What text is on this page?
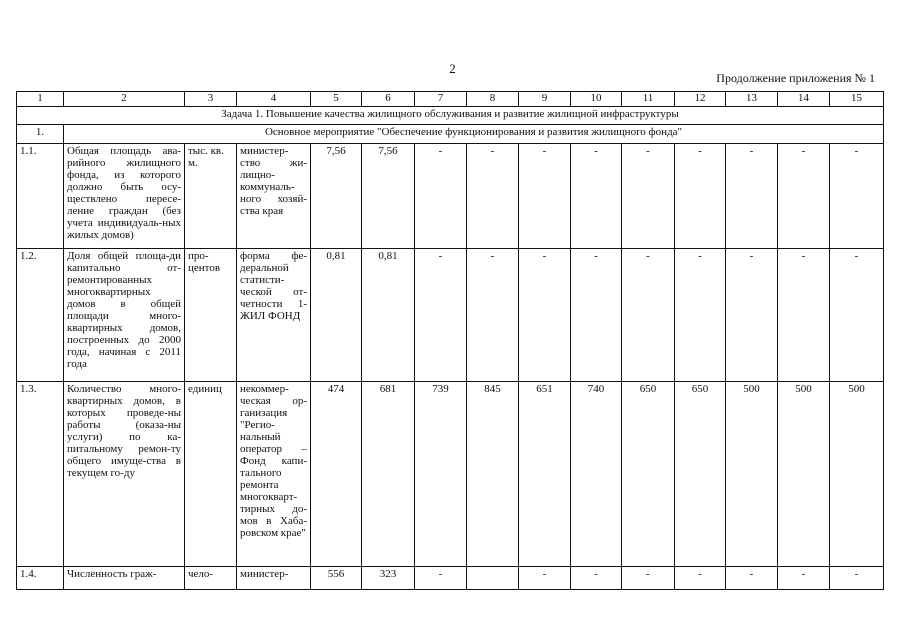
2
Продолжение приложения № 1
1	2	3	4	5	6	7	8	9	10	11	12	13	14	15
Задача 1. Повышение качества жилищного обслуживания и развитие жилищной инфраструктуры														
1.	Основное мероприятие "Обеспечение функционирования и развития жилищного фонда"													
1.1.	Общая площадь ава-рийного жилищного фонда, из которого должно быть осу-ществлено пересе-ление граждан (без учета индивидуаль-ных жилых домов)	тыс. кв. м.	министер-ство жи-лищно-коммуналь-ного хозяй-ства края	7,56	7,56	-	-	-	-	-	-	-	-	-
1.2.	Доля общей площа-ди капитально от-ремонтированных многоквартирных домов в общей площади много-квартирных домов, построенных до 2000 года, начиная с 2011 года	про-центов	форма фе-деральной статисти-ческой от-четности 1-ЖИЛ ФОНД	0,81	0,81	-	-	-	-	-	-	-	-	-
1.3.	Количество много-квартирных домов, в которых проведе-ны работы (оказа-ны услуги) по ка-питальному ремон-ту общего имуще-ства в текущем го-ду	единиц	некоммер-ческая ор-ганизация "Регио-нальный оператор – Фонд капи-тального ремонта многокварт-тирных до-мов в Хаба-ровском крае"	474	681	739	845	651	740	650	650	500	500	500
1.4.	Численность граж-	чело-	министер-	556	323	-		-	-	-	-	-	-	-
